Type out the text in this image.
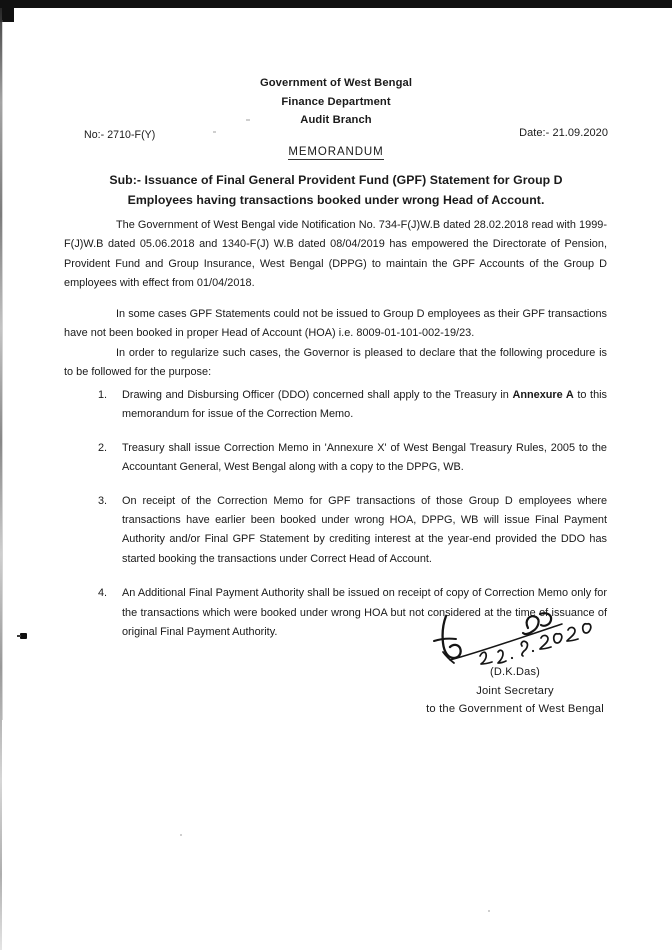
Government of West Bengal
Finance Department
Audit Branch
No:- 2710-F(Y)	Date:- 21.09.2020
MEMORANDUM
Sub:- Issuance of Final General Provident Fund (GPF) Statement for Group D Employees having transactions booked under wrong Head of Account.
The Government of West Bengal vide Notification No. 734-F(J)W.B dated 28.02.2018 read with 1999-F(J)W.B dated 05.06.2018 and 1340-F(J) W.B dated 08/04/2019 has empowered the Directorate of Pension, Provident Fund and Group Insurance, West Bengal (DPPG) to maintain the GPF Accounts of the Group D employees with effect from 01/04/2018.
In some cases GPF Statements could not be issued to Group D employees as their GPF transactions have not been booked in proper Head of Account (HOA) i.e. 8009-01-101-002-19/23.
In order to regularize such cases, the Governor is pleased to declare that the following procedure is to be followed for the purpose:
1.	Drawing and Disbursing Officer (DDO) concerned shall apply to the Treasury in Annexure A to this memorandum for issue of the Correction Memo.
2.	Treasury shall issue Correction Memo in 'Annexure X' of West Bengal Treasury Rules, 2005 to the Accountant General, West Bengal along with a copy to the DPPG, WB.
3.	On receipt of the Correction Memo for GPF transactions of those Group D employees where transactions have earlier been booked under wrong HOA, DPPG, WB will issue Final Payment Authority and/or Final GPF Statement by crediting interest at the year-end provided the DDO has started booking the transactions under Correct Head of Account.
4.	An Additional Final Payment Authority shall be issued on receipt of copy of Correction Memo only for the transactions which were booked under wrong HOA but not considered at the time of issuance of original Final Payment Authority.
(D.K.Das)
Joint Secretary
to the Government of West Bengal
